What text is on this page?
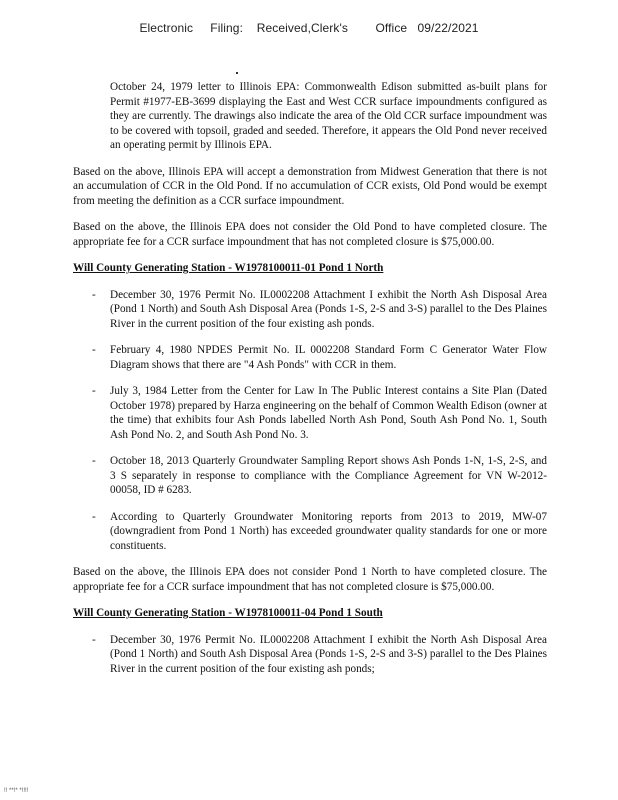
Electronic     Filing:    Received,Clerk's        Office   09/22/2021

October 24, 1979 letter to Illinois EPA: Commonwealth Edison submitted as-built plans for Permit #1977-EB-3699 displaying the East and West CCR surface impoundments configured as they are currently. The drawings also indicate the area of the Old CCR surface impoundment was to be covered with topsoil, graded and seeded. Therefore, it appears the Old Pond never received an operating permit by Illinois EPA.

Based on the above, Illinois EPA will accept a demonstration from Midwest Generation that there is not an accumulation of CCR in the Old Pond. If no accumulation of CCR exists, Old Pond would be exempt from meeting the definition as a CCR surface impoundment.

Based on the above, the Illinois EPA does not consider the Old Pond to have completed closure. The appropriate fee for a CCR surface impoundment that has not completed closure is $75,000.00.

Will County Generating Station - W1978100011-01 Pond 1 North

- December 30, 1976 Permit No. IL0002208 Attachment I exhibit the North Ash Disposal Area (Pond 1 North) and South Ash Disposal Area (Ponds 1-S, 2-S and 3-S) parallel to the Des Plaines River in the current position of the four existing ash ponds.
- February 4, 1980 NPDES Permit No. IL 0002208 Standard Form C Generator Water Flow Diagram shows that there are "4 Ash Ponds" with CCR in them.
- July 3, 1984 Letter from the Center for Law In The Public Interest contains a Site Plan (Dated October 1978) prepared by Harza engineering on the behalf of Common Wealth Edison (owner at the time) that exhibits four Ash Ponds labelled North Ash Pond, South Ash Pond No. 1, South Ash Pond No. 2, and South Ash Pond No. 3.
- October 18, 2013 Quarterly Groundwater Sampling Report shows Ash Ponds 1-N, 1-S, 2-S, and 3 S separately in response to compliance with the Compliance Agreement for VN W-2012-00058, ID # 6283.
- According to Quarterly Groundwater Monitoring reports from 2013 to 2019, MW-07 (downgradient from Pond 1 North) has exceeded groundwater quality standards for one or more constituents.

Based on the above, the Illinois EPA does not consider Pond 1 North to have completed closure. The appropriate fee for a CCR surface impoundment that has not completed closure is $75,000.00.

Will County Generating Station - W1978100011-04 Pond 1 South

- December 30, 1976 Permit No. IL0002208 Attachment I exhibit the North Ash Disposal Area (Pond 1 North) and South Ash Disposal Area (Ponds 1-S, 2-S and 3-S) parallel to the Des Plaines River in the current position of the four existing ash ponds;
!! **!* *!!!!
